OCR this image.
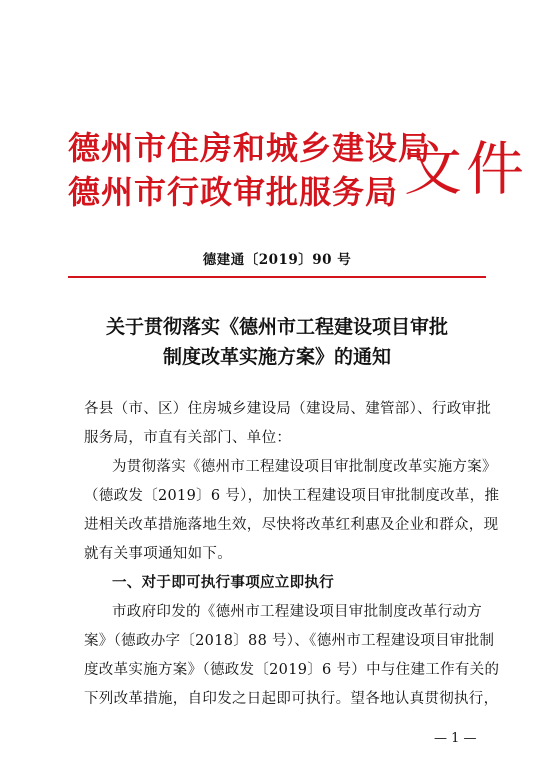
德州市住房和城乡建设局
德州市行政审批服务局 文件
德建通〔2019〕90 号
关于贯彻落实《德州市工程建设项目审批
制度改革实施方案》的通知
各县（市、区）住房城乡建设局（建设局、建管部）、行政审批
服务局，市直有关部门、单位：
为贯彻落实《德州市工程建设项目审批制度改革实施方案》
（德政发〔2019〕6 号），加快工程建设项目审批制度改革，推
进相关改革措施落地生效，尽快将改革红利惠及企业和群众，现
就有关事项通知如下。
一、对于即可执行事项应立即执行
市政府印发的《德州市工程建设项目审批制度改革行动方
案》（德政办字〔2018〕88 号）、《德州市工程建设项目审批制
度改革实施方案》（德政发〔2019〕6 号）中与住建工作有关的
下列改革措施，自印发之日起即可执行。望各地认真贯彻执行，
— 1 —
